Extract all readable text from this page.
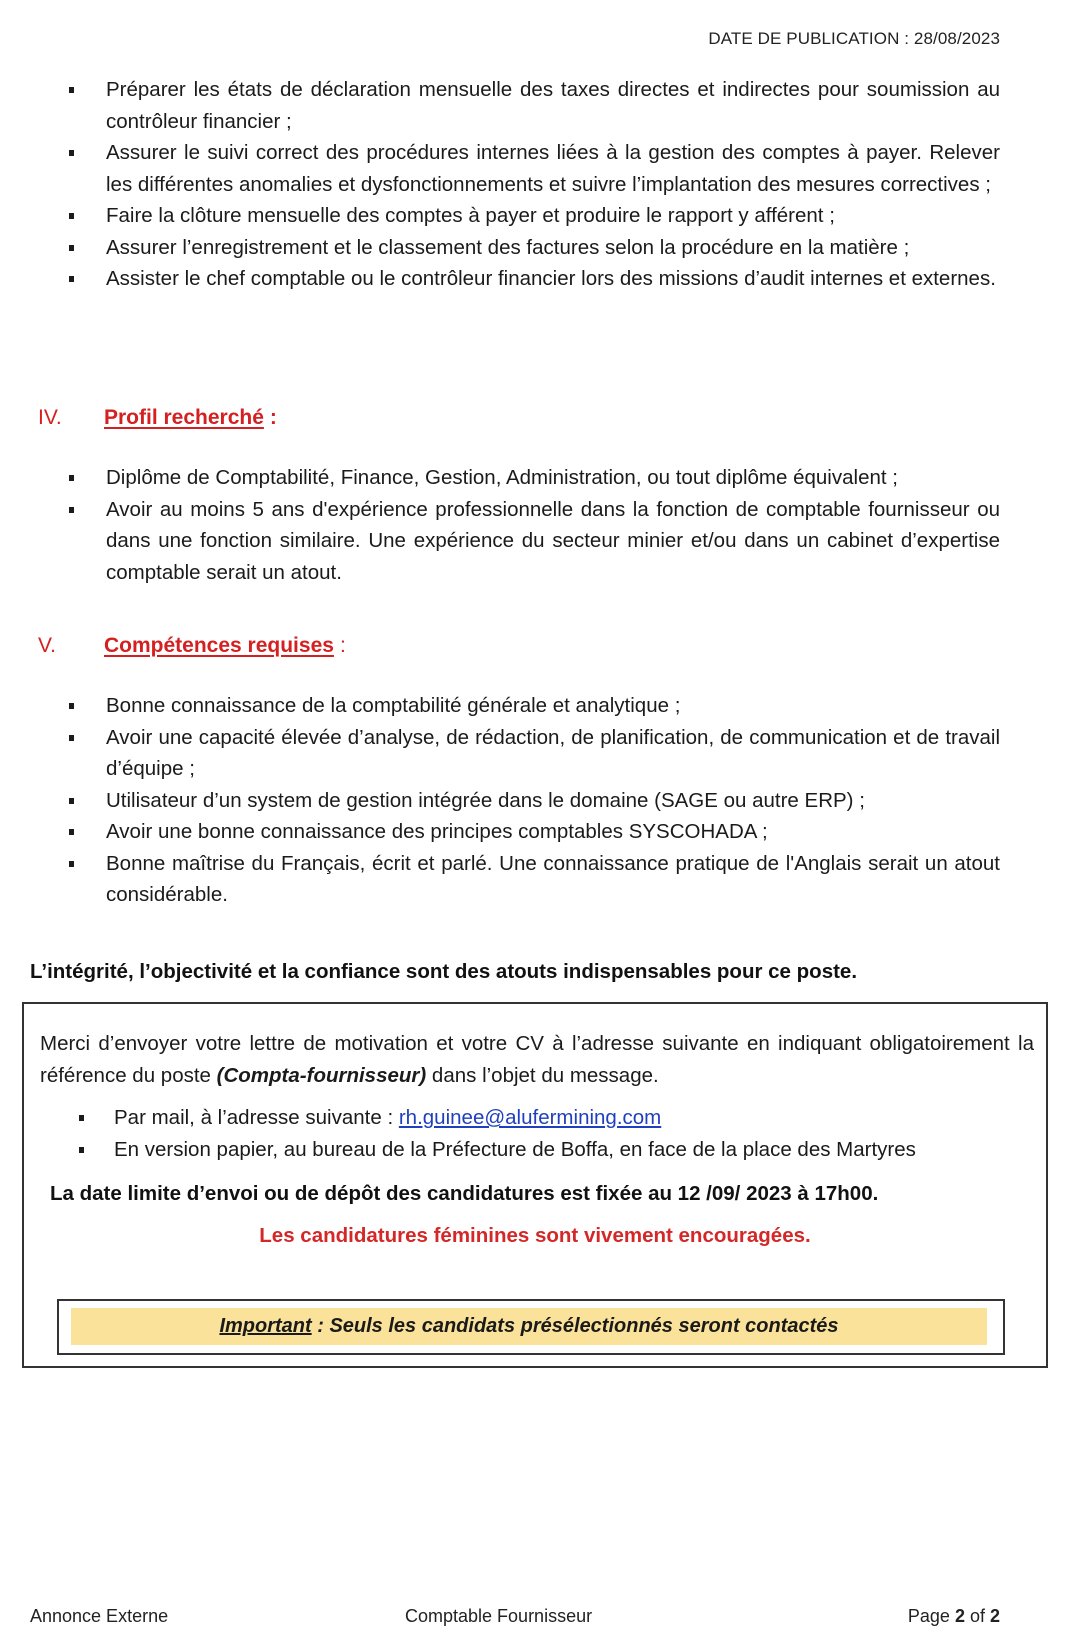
DATE DE PUBLICATION : 28/08/2023
Préparer les états de déclaration mensuelle des taxes directes et indirectes pour soumission au contrôleur financier ;
Assurer le suivi correct des procédures internes liées à la gestion des comptes à payer. Relever les différentes anomalies et dysfonctionnements et suivre l’implantation des mesures correctives ;
Faire la clôture mensuelle des comptes à payer et produire le rapport y afférent ;
Assurer l’enregistrement et le classement des factures selon la procédure en la matière ;
Assister le chef comptable ou le contrôleur financier lors des missions d’audit internes et externes.
IV.	Profil recherché :
Diplôme de Comptabilité, Finance, Gestion, Administration, ou tout diplôme équivalent ;
Avoir au moins 5 ans d'expérience professionnelle dans la fonction de comptable fournisseur ou dans une fonction similaire. Une expérience du secteur minier et/ou dans un cabinet d’expertise comptable serait un atout.
V.	Compétences requises :
Bonne connaissance de la comptabilité générale et analytique ;
Avoir une capacité élevée d’analyse, de rédaction, de planification, de communication et de travail d’équipe ;
Utilisateur d’un system de gestion intégrée dans le domaine (SAGE ou autre ERP) ;
Avoir une bonne connaissance des principes comptables SYSCOHADA ;
Bonne maîtrise du Français, écrit et parlé. Une connaissance pratique de l'Anglais serait un atout considérable.
L’intégrité, l’objectivité et la confiance sont des atouts indispensables pour ce poste.
Merci d’envoyer votre lettre de motivation et votre CV à l’adresse suivante en indiquant obligatoirement la référence du poste (Compta-fournisseur) dans l’objet du message.
Par mail, à l’adresse suivante : rh.guinee@alufermining.com
En version papier, au bureau de la Préfecture de Boffa, en face de la place des Martyres
La date limite d’envoi ou de dépôt des candidatures est fixée au 12 /09/ 2023 à 17h00.
Les candidatures féminines sont vivement encouragées.
Important : Seuls les candidats présélectionnés seront contactés
Annonce Externe	Comptable Fournisseur	Page 2 of 2
